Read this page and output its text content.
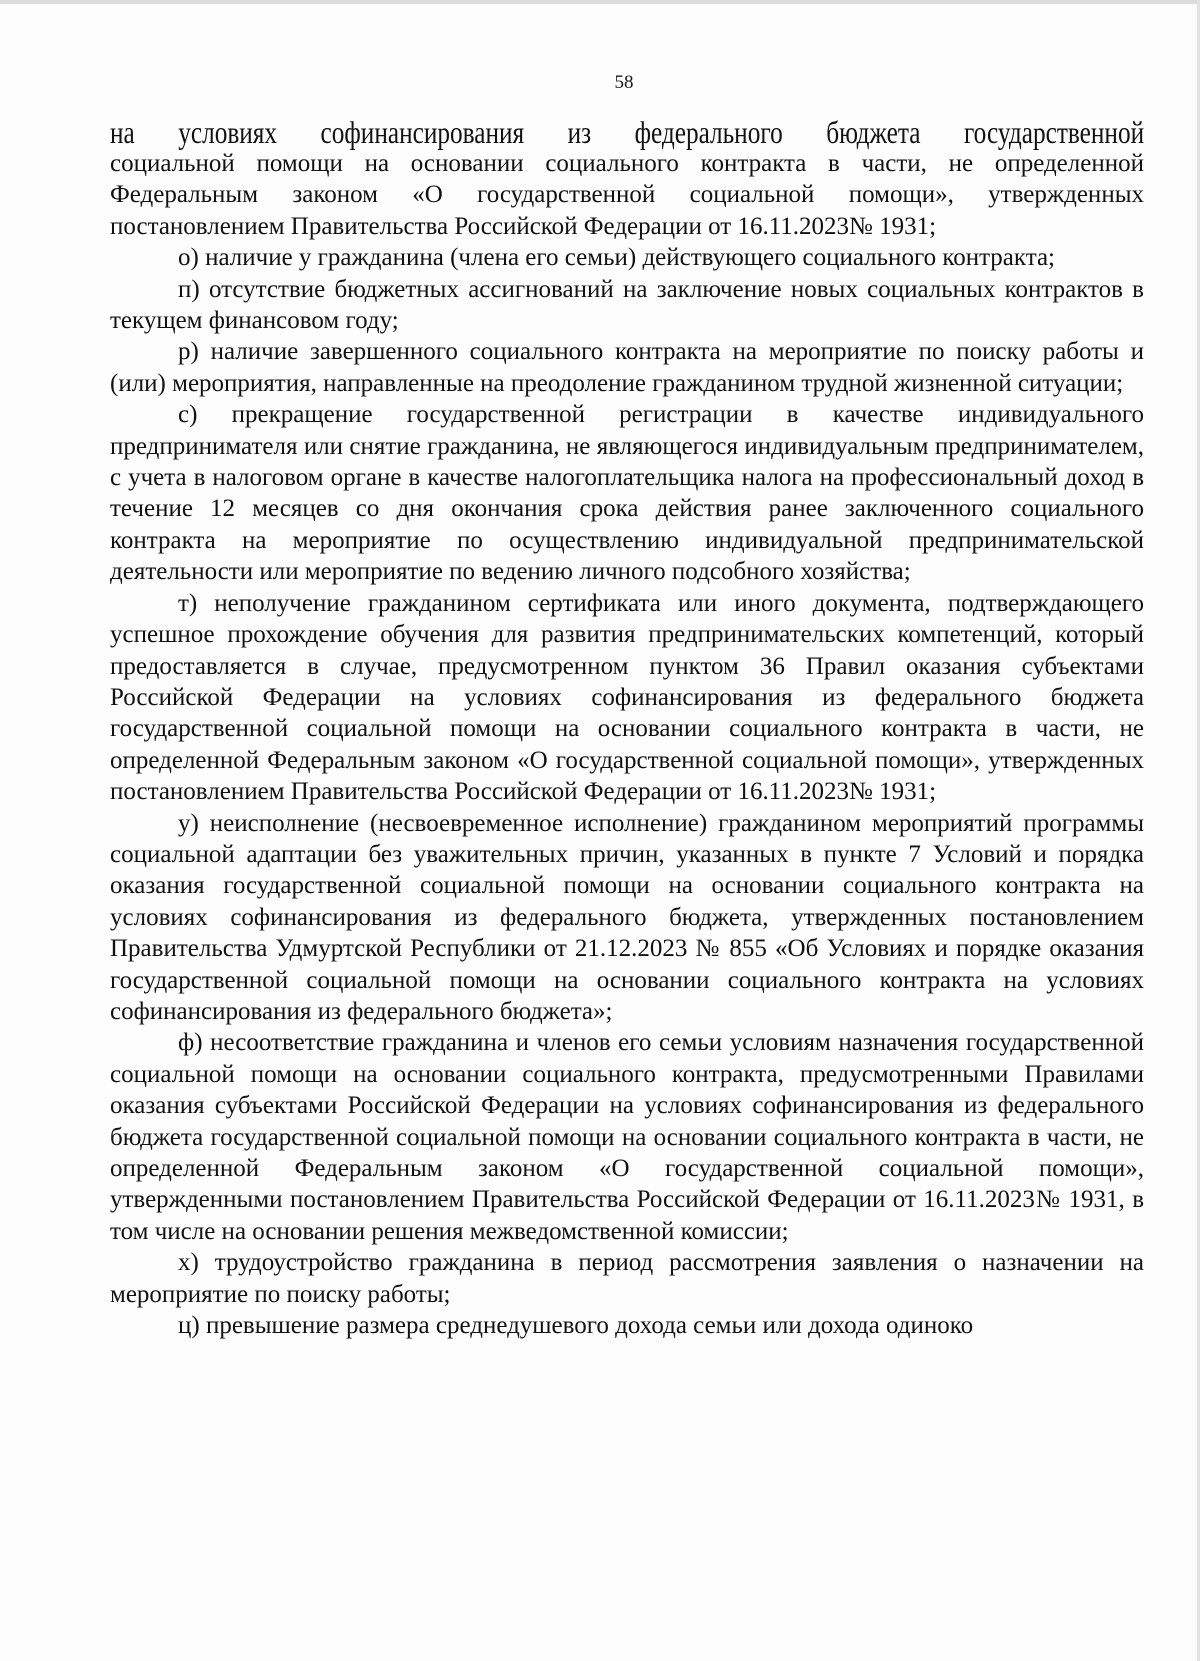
58

на условиях софинансирования из федерального бюджета государственной
социальной помощи на основании социального контракта в части, не определенной Федеральным законом «О государственной социальной помощи», утвержденных постановлением Правительства Российской Федерации от 16.11.2023№ 1931;

о) наличие у гражданина (члена его семьи) действующего социального контракта;

п) отсутствие бюджетных ассигнований на заключение новых социальных контрактов в текущем финансовом году;

р) наличие завершенного социального контракта на мероприятие по поиску работы и (или) мероприятия, направленные на преодоление гражданином трудной жизненной ситуации;

с) прекращение государственной регистрации в качестве индивидуального предпринимателя или снятие гражданина, не являющегося индивидуальным предпринимателем, с учета в налоговом органе в качестве налогоплательщика налога на профессиональный доход в течение 12 месяцев со дня окончания срока действия ранее заключенного социального контракта на мероприятие по осуществлению индивидуальной предпринимательской деятельности или мероприятие по ведению личного подсобного хозяйства;

т) неполучение гражданином сертификата или иного документа, подтверждающего успешное прохождение обучения для развития предпринимательских компетенций, который предоставляется в случае, предусмотренном пунктом 36 Правил оказания субъектами Российской Федерации на условиях софинансирования из федерального бюджета государственной социальной помощи на основании социального контракта в части, не определенной Федеральным законом «О государственной социальной помощи», утвержденных постановлением Правительства Российской Федерации от 16.11.2023№ 1931;

у) неисполнение (несвоевременное исполнение) гражданином мероприятий программы социальной адаптации без уважительных причин, указанных в пункте 7 Условий и порядка оказания государственной социальной помощи на основании социального контракта на условиях софинансирования из федерального бюджета, утвержденных постановлением Правительства Удмуртской Республики от 21.12.2023 № 855 «Об Условиях и порядке оказания государственной социальной помощи на основании социального контракта на условиях софинансирования из федерального бюджета»;

ф) несоответствие гражданина и членов его семьи условиям назначения государственной социальной помощи на основании социального контракта, предусмотренными Правилами оказания субъектами Российской Федерации на условиях софинансирования из федерального бюджета государственной социальной помощи на основании социального контракта в части, не определенной Федеральным законом «О государственной социальной помощи», утвержденными постановлением Правительства Российской Федерации от 16.11.2023№ 1931, в том числе на основании решения межведомственной комиссии;

х) трудоустройство гражданина в период рассмотрения заявления о назначении на мероприятие по поиску работы;

ц) превышение размера среднедушевого дохода семьи или дохода одиноко
